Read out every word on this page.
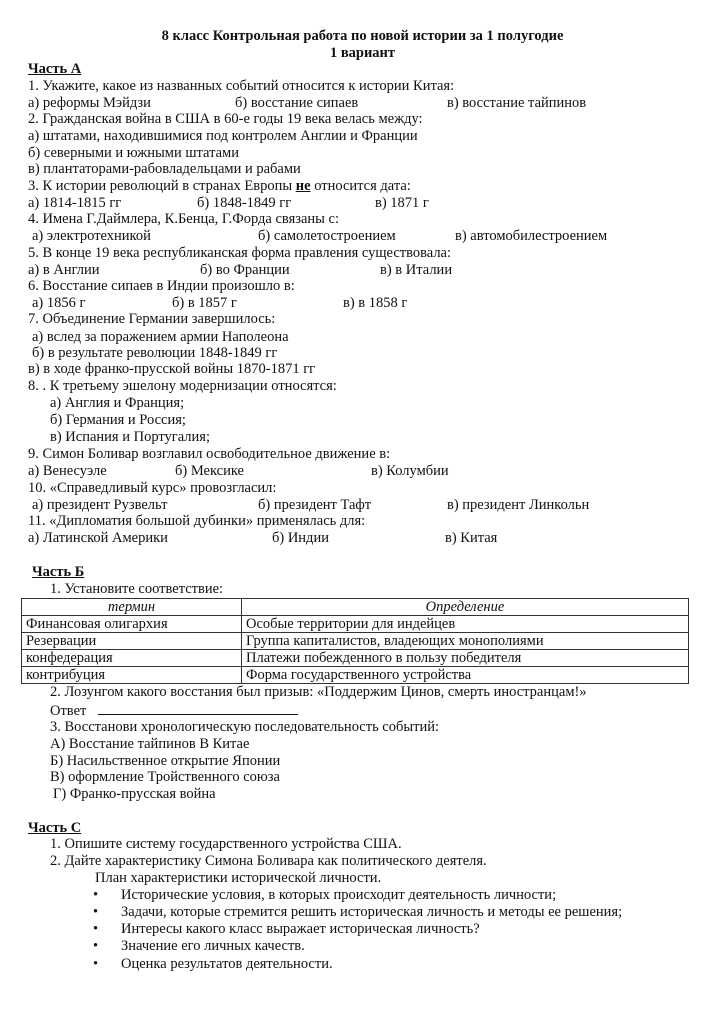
8 класс Контрольная работа по новой истории за 1 полугодие
1 вариант
Часть А
1. Укажите, какое из названных событий относится к истории Китая:
а) реформы Мэйдзи	б) восстание сипаев	в) восстание тайпинов
2. Гражданская война в США в 60-е годы 19 века велась между:
а) штатами, находившимися под контролем Англии и Франции
б) северными и южными штатами
в) плантаторами-рабовладельцами и рабами
3. К истории революций в странах Европы не относится дата:
а) 1814-1815 гг	б) 1848-1849 гг	в) 1871 г
4. Имена Г.Даймлера, К.Бенца, Г.Форда связаны с:
а) электротехникой	б) самолетостроением	в) автомобилестроением
5. В конце 19 века республиканская форма правления существовала:
а) в Англии	б) во Франции	в) в Италии
6. Восстание сипаев в Индии произошло в:
а) 1856 г	б) в 1857 г	в) в 1858 г
7. Объединение Германии завершилось:
а) вслед за поражением армии Наполеона
б) в результате революции 1848-1849 гг
в) в ходе франко-прусской войны 1870-1871 гг
8. . К третьему эшелону модернизации относятся:
а) Англия и Франция;
б) Германия и Россия;
в) Испания и Португалия;
9. Симон Боливар возглавил освободительное движение в:
а) Венесуэле	б) Мексике	в) Колумбии
10. «Справедливый курс» провозгласил:
а) президент Рузвельт	б) президент Тафт	в) президент Линкольн
11. «Дипломатия большой дубинки» применялась для:
а) Латинской Америки	б) Индии	в) Китая
Часть Б
1. Установите соответствие:
термин	Определение
Финансовая олигархия	Особые территории для индейцев
Резервации	Группа капиталистов, владеющих монополиями
конфедерация	Платежи побежденного в пользу победителя
контрибуция	Форма государственного устройства
2. Лозунгом какого восстания был призыв: «Поддержим Цинов, смерть иностранцам!»
Ответ
3. Восстанови хронологическую последовательность событий:
А) Восстание тайпинов В Китае
Б) Насильственное открытие Японии
В) оформление Тройственного союза
Г) Франко-прусская война
Часть С
1. Опишите систему государственного устройства США.
2. Дайте характеристику Симона Боливара как политического деятеля.
План характеристики исторической личности.
• Исторические условия, в которых происходит деятельность личности;
• Задачи, которые стремится решить историческая личность и методы ее решения;
• Интересы какого класс выражает историческая личность?
• Значение его личных качеств.
• Оценка результатов деятельности.
